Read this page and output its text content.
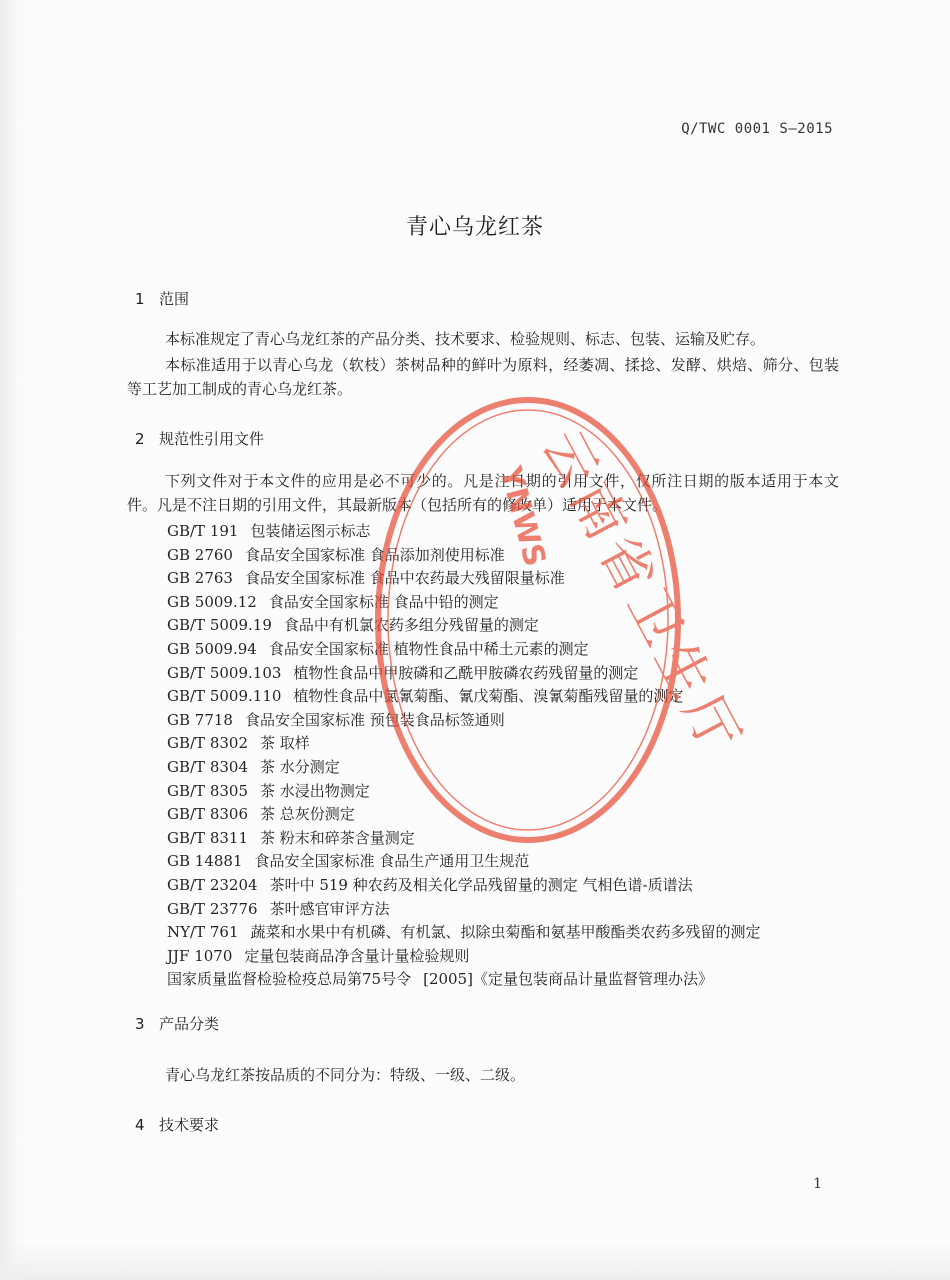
Q/TWC 0001 S—2015
青心乌龙红茶
1 范围

本标准规定了青心乌龙红茶的产品分类、技术要求、检验规则、标志、包装、运输及贮存。

本标准适用于以青心乌龙（软枝）茶树品种的鲜叶为原料，经萎凋、揉捻、发酵、烘焙、筛分、包装等工艺加工制成的青心乌龙红茶。

2 规范性引用文件

下列文件对于本文件的应用是必不可少的。凡是注日期的引用文件，仅所注日期的版本适用于本文件。凡是不注日期的引用文件，其最新版本（包括所有的修改单）适用于本文件。

GB/T 191 包装储运图示标志
GB 2760 食品安全国家标准 食品添加剂使用标准
GB 2763 食品安全国家标准 食品中农药最大残留限量标准
GB 5009.12 食品安全国家标准 食品中铅的测定
GB/T 5009.19 食品中有机氯农药多组分残留量的测定
GB 5009.94 食品安全国家标准 植物性食品中稀土元素的测定
GB/T 5009.103 植物性食品中甲胺磷和乙酰甲胺磷农药残留量的测定
GB/T 5009.110 植物性食品中氯氰菊酯、氰戊菊酯、溴氰菊酯残留量的测定
GB 7718 食品安全国家标准 预包装食品标签通则
GB/T 8302 茶 取样
GB/T 8304 茶 水分测定
GB/T 8305 茶 水浸出物测定
GB/T 8306 茶 总灰份测定
GB/T 8311 茶 粉末和碎茶含量测定
GB 14881 食品安全国家标准 食品生产通用卫生规范
GB/T 23204 茶叶中 519 种农药及相关化学品残留量的测定 气相色谱-质谱法
GB/T 23776 茶叶感官审评方法
NY/T 761 蔬菜和水果中有机磷、有机氯、拟除虫菊酯和氨基甲酸酯类农药多残留的测定
JJF 1070 定量包装商品净含量计量检验规则
国家质量监督检验检疫总局第75号令 [2005]《定量包装商品计量监督管理办法》
3 产品分类

青心乌龙红茶按品质的不同分为：特级、一级、二级。

4 技术要求
1
云
南
省
卫
生
厅
YNWS
